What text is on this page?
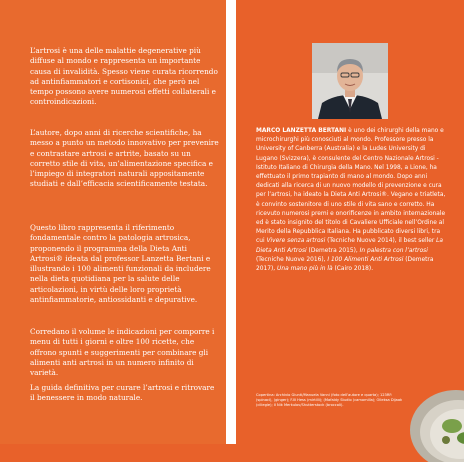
L’artrosi è una delle malattie degenerative più diffuse al mondo e rappresenta un importante causa di invalidità. Spesso viene curata ricorrendo ad antinfiammatori e cortisonici, che però nel tempo possono avere numerosi effetti collaterali e controindicazioni.

L’autore, dopo anni di ricerche scientifiche, ha messo a punto un metodo innovativo per prevenire e contrastare artrosi e artrite, basato su un corretto stile di vita, un’alimentazione specifica e l’impiego di integratori naturali appositamente studiati e dall’efficacia scientificamente testata.

Questo libro rappresenta il riferimento fondamentale contro la patologia artrosica, proponendo il programma della Dieta Anti Artrosi® ideata dal professor Lanzetta Bertani e illustrando i 100 alimenti funzionali da includere nella dieta quotidiana per la salute delle articolazioni, in virtù delle loro proprietà antinfiammatorie, antiossidanti e depurative.

Corredano il volume le indicazioni per comporre i menu di tutti i giorni e oltre 100 ricette, che offrono spunti e suggerimenti per combinare gli alimenti anti artrosi in un numero infinito di varietà.

La guida definitiva per curare l’artrosi e ritrovare il benessere in modo naturale.

MARCO LANZETTA BERTANI è uno dei chirurghi della mano e microchirurghi più conosciuti al mondo. Professore presso la University of Canberra (Australia) e la Ludes University di Lugano (Svizzera), è consulente del Centro Nazionale Artrosi - Istituto Italiano di Chirurgia della Mano. Nel 1998, a Lione, ha effettuato il primo trapianto di mano al mondo. Dopo anni dedicati alla ricerca di un nuovo modello di prevenzione e cura per l’artrosi, ha ideato la Dieta Anti Artrosi®. Vegano e triatleta, è convinto sostenitore di uno stile di vita sano e corretto. Ha ricevuto numerosi premi e onorificenze in ambito internazionale ed è stato insignito del titolo di Cavaliere Ufficiale nell’Ordine al Merito della Repubblica Italiana. Ha pubblicato diversi libri, tra cui Vivere senza artrosi (Tecniche Nuove 2014), il best seller La Dieta Anti Artrosi (Demetra 2015), In palestra con l’artrosi (Tecniche Nuove 2016), I 100 Alimenti Anti Artrosi (Demetra 2017), Una mano più in là (Cairo 2018).

Copertina: Archivio Giunti/Manuela Vanni (foto dell’autore e quarta); 123RF: (spinaci), (ginger); F.lli Hess (mirtilli); (Mafaldy Studio (camomilla); Olleksa Dijaak (ciliegie); Il Nik Merkulov/Shutterstock (broccoli).
